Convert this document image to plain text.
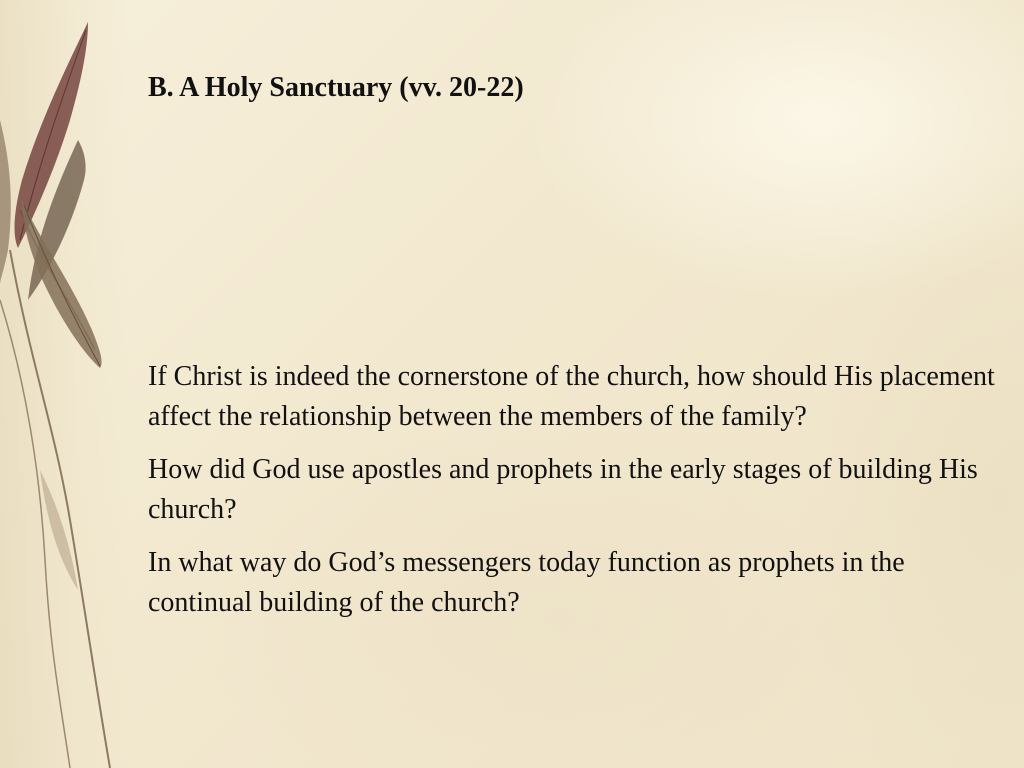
B. A Holy Sanctuary (vv. 20-22)

If Christ is indeed the cornerstone of the church, how should His placement affect the relationship between the members of the family?

How did God use apostles and prophets in the early stages of building His church?

In what way do God’s messengers today function as prophets in the continual building of the church?
